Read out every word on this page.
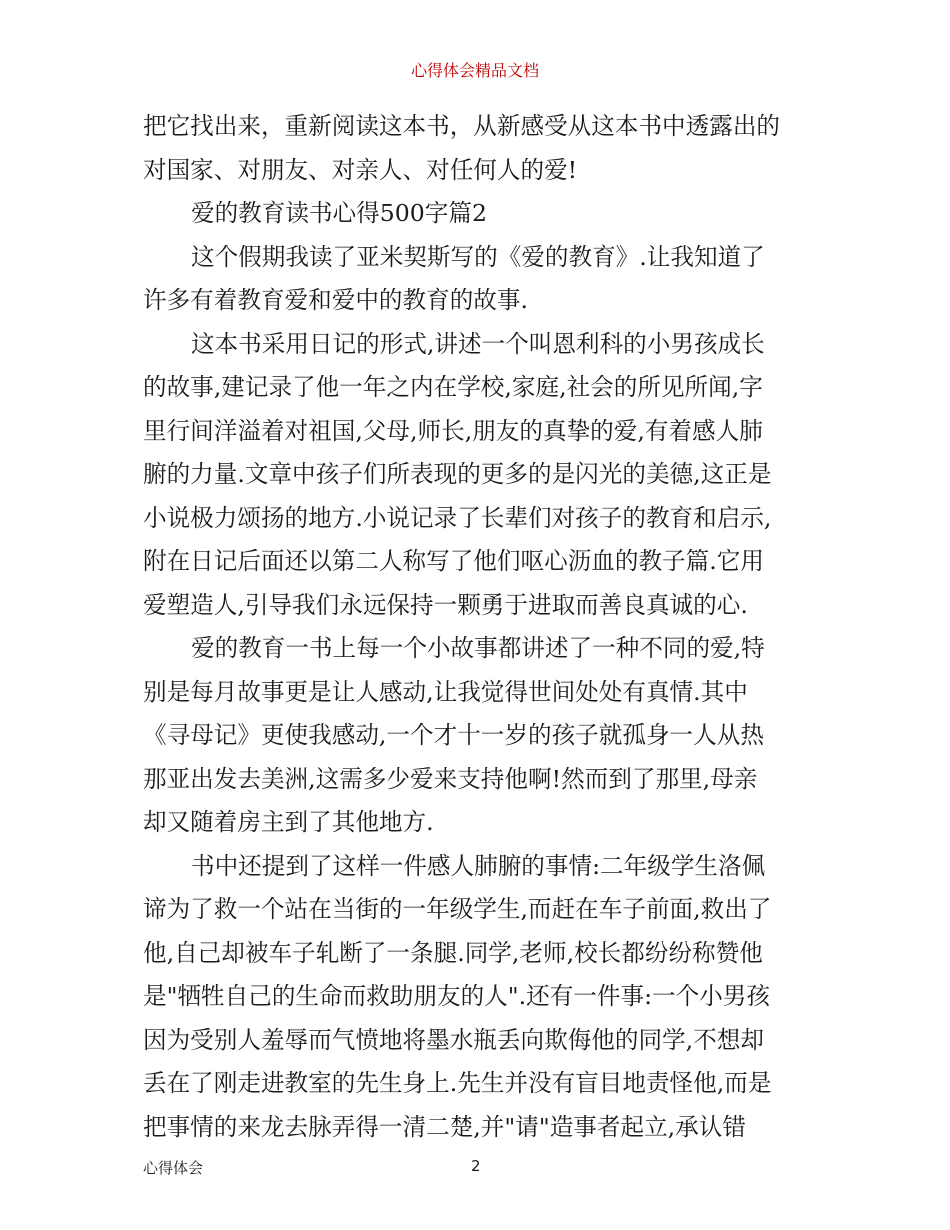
心得体会精品文档
把它找出来，重新阅读这本书，从新感受从这本书中透露出的
对国家、对朋友、对亲人、对任何人的爱!
爱的教育读书心得500字篇2
这个假期我读了亚米契斯写的《爱的教育》.让我知道了
许多有着教育爱和爱中的教育的故事.
这本书采用日记的形式,讲述一个叫恩利科的小男孩成长
的故事,建记录了他一年之内在学校,家庭,社会的所见所闻,字
里行间洋溢着对祖国,父母,师长,朋友的真挚的爱,有着感人肺
腑的力量.文章中孩子们所表现的更多的是闪光的美德,这正是
小说极力颂扬的地方.小说记录了长辈们对孩子的教育和启示,
附在日记后面还以第二人称写了他们呕心沥血的教子篇.它用
爱塑造人,引导我们永远保持一颗勇于进取而善良真诚的心.
爱的教育一书上每一个小故事都讲述了一种不同的爱,特
别是每月故事更是让人感动,让我觉得世间处处有真情.其中
《寻母记》更使我感动,一个才十一岁的孩子就孤身一人从热
那亚出发去美洲,这需多少爱来支持他啊!然而到了那里,母亲
却又随着房主到了其他地方.
书中还提到了这样一件感人肺腑的事情:二年级学生洛佩
谛为了救一个站在当街的一年级学生,而赶在车子前面,救出了
他,自己却被车子轧断了一条腿.同学,老师,校长都纷纷称赞他
是"牺牲自己的生命而救助朋友的人".还有一件事:一个小男孩
因为受别人羞辱而气愤地将墨水瓶丢向欺侮他的同学,不想却
丢在了刚走进教室的先生身上.先生并没有盲目地责怪他,而是
把事情的来龙去脉弄得一清二楚,并"请"造事者起立,承认错
心得体会	2
